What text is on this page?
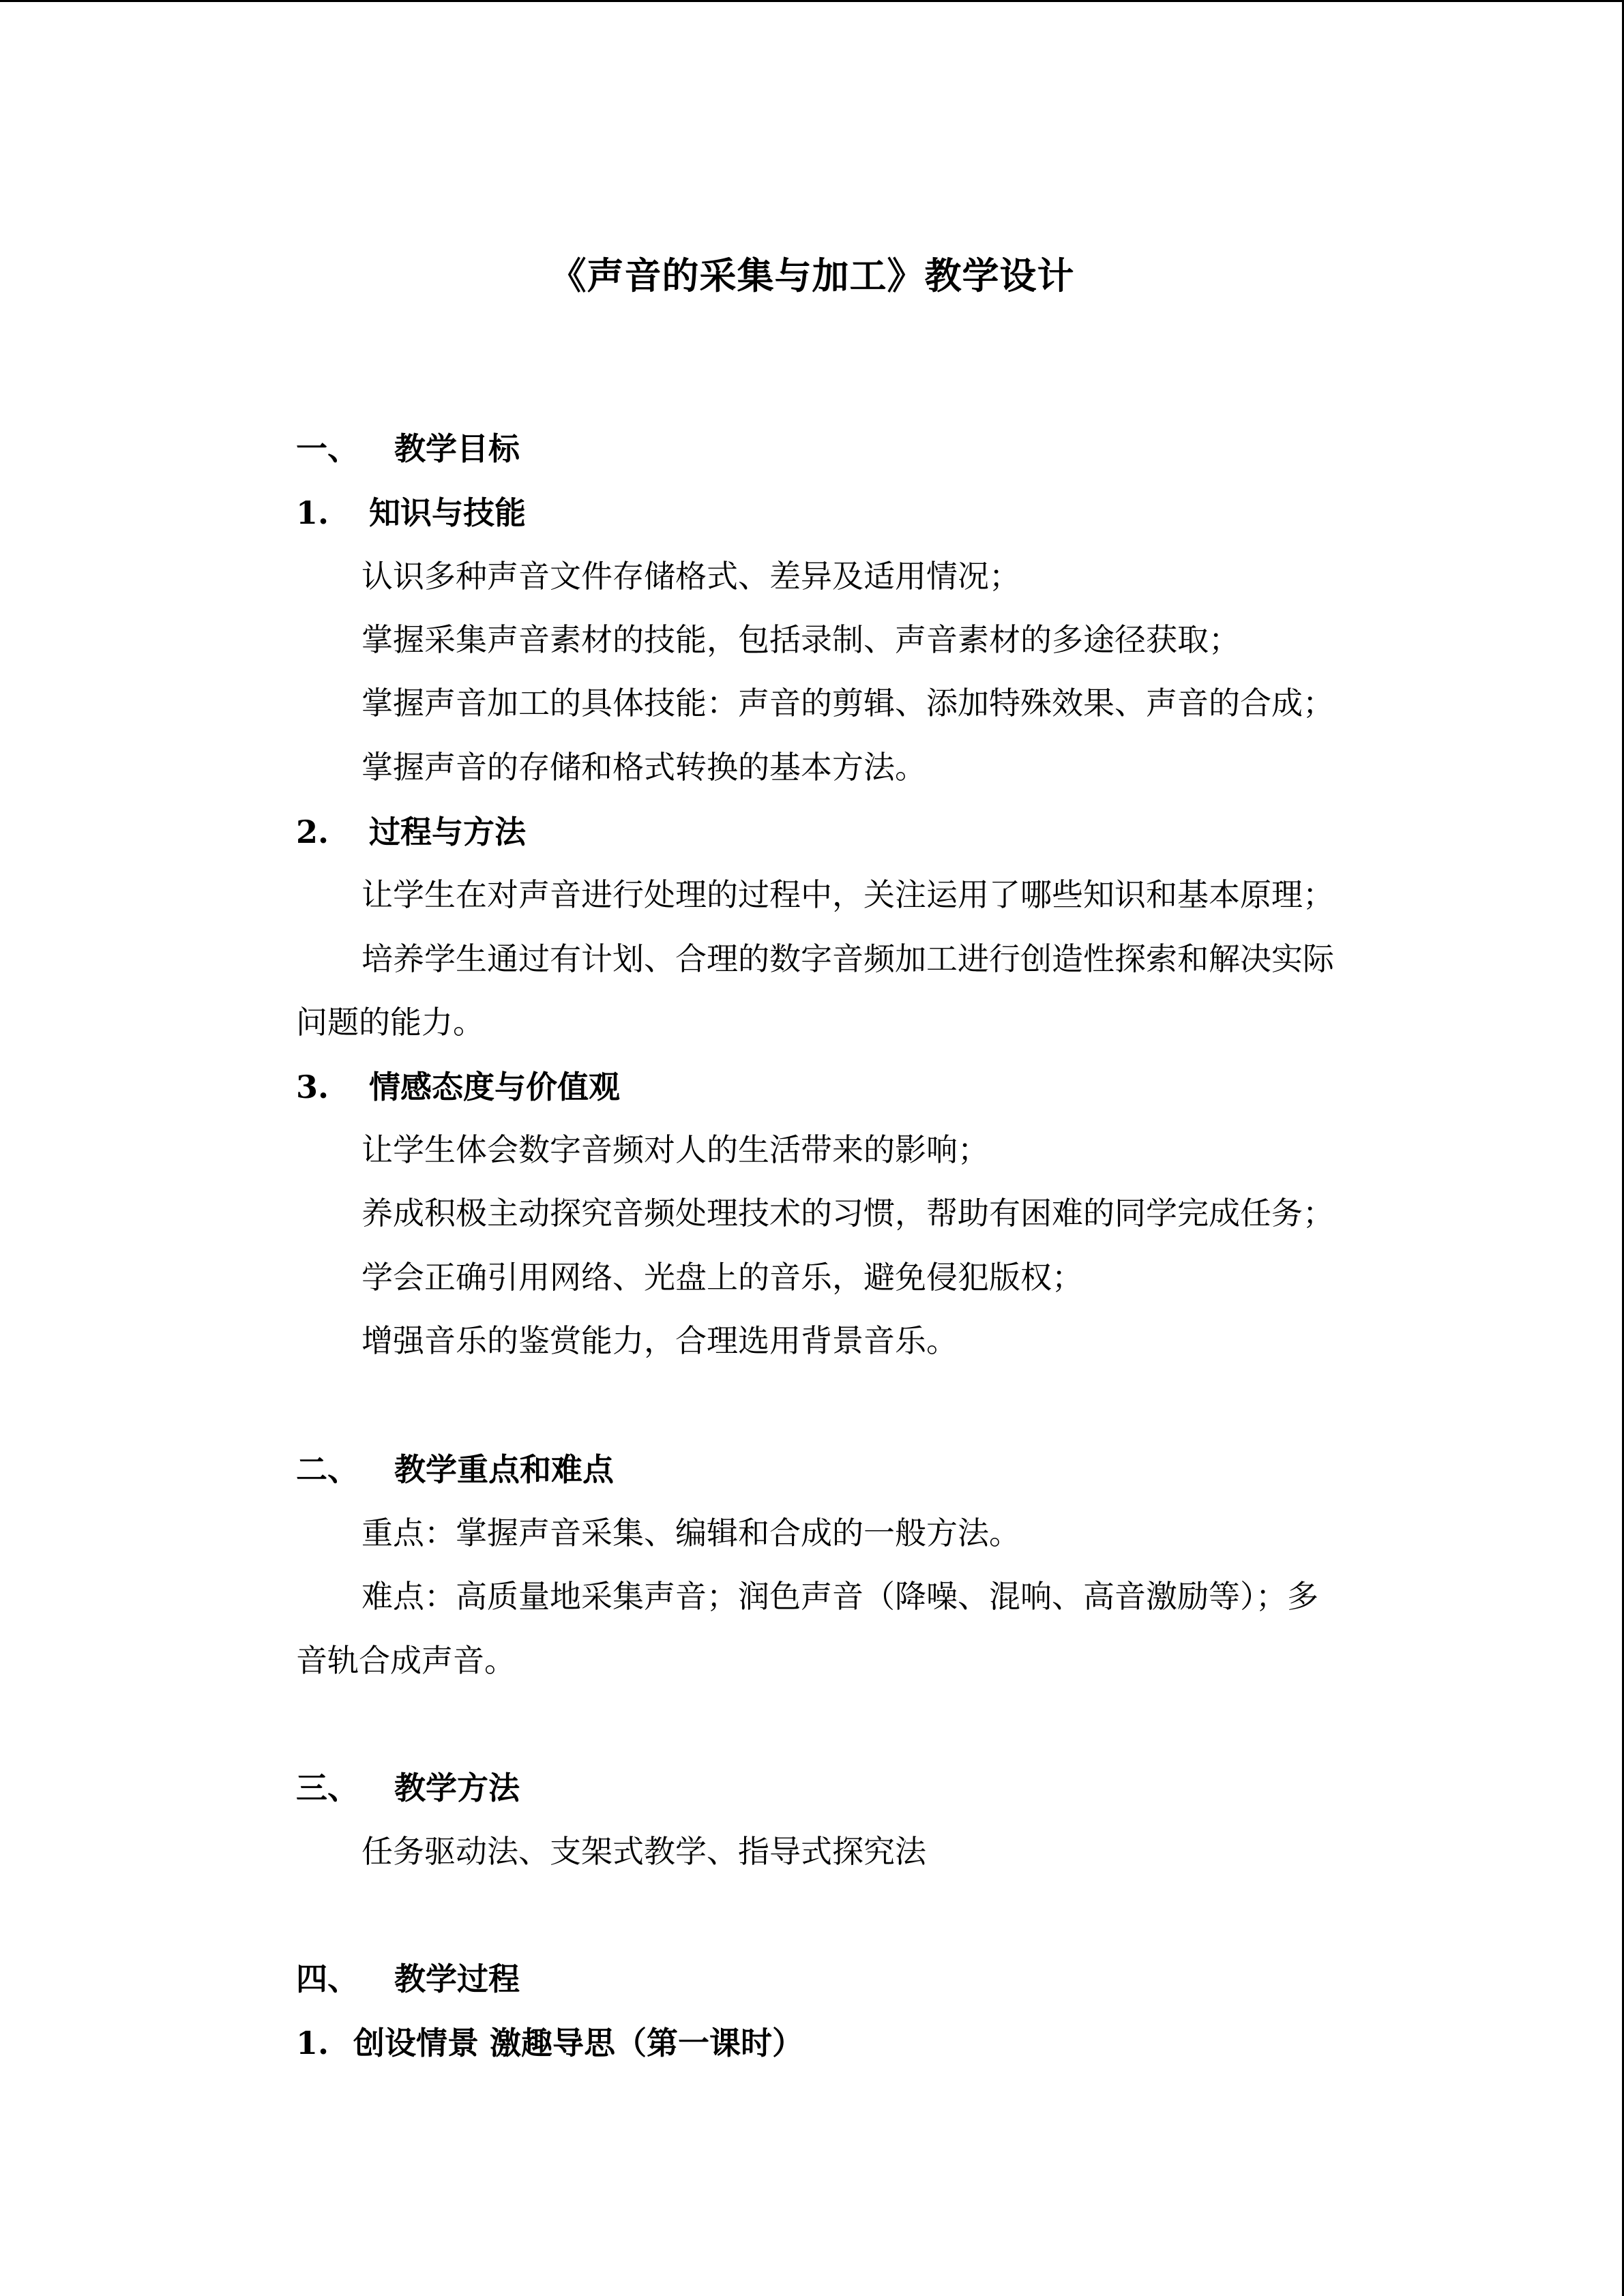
《声音的采集与加工》教学设计
一、 教学目标
1. 知识与技能
认识多种声音文件存储格式、差异及适用情况；
掌握采集声音素材的技能，包括录制、声音素材的多途径获取；
掌握声音加工的具体技能：声音的剪辑、添加特殊效果、声音的合成；
掌握声音的存储和格式转换的基本方法。
2. 过程与方法
让学生在对声音进行处理的过程中，关注运用了哪些知识和基本原理；
培养学生通过有计划、合理的数字音频加工进行创造性探索和解决实际
问题的能力。
3. 情感态度与价值观
让学生体会数字音频对人的生活带来的影响；
养成积极主动探究音频处理技术的习惯，帮助有困难的同学完成任务；
学会正确引用网络、光盘上的音乐，避免侵犯版权；
增强音乐的鉴赏能力，合理选用背景音乐。
二、 教学重点和难点
重点：掌握声音采集、编辑和合成的一般方法。
难点：高质量地采集声音；润色声音（降噪、混响、高音激励等）；多
音轨合成声音。
三、 教学方法
任务驱动法、支架式教学、指导式探究法
四、 教学过程
1. 创设情景 激趣导思（第一课时）
